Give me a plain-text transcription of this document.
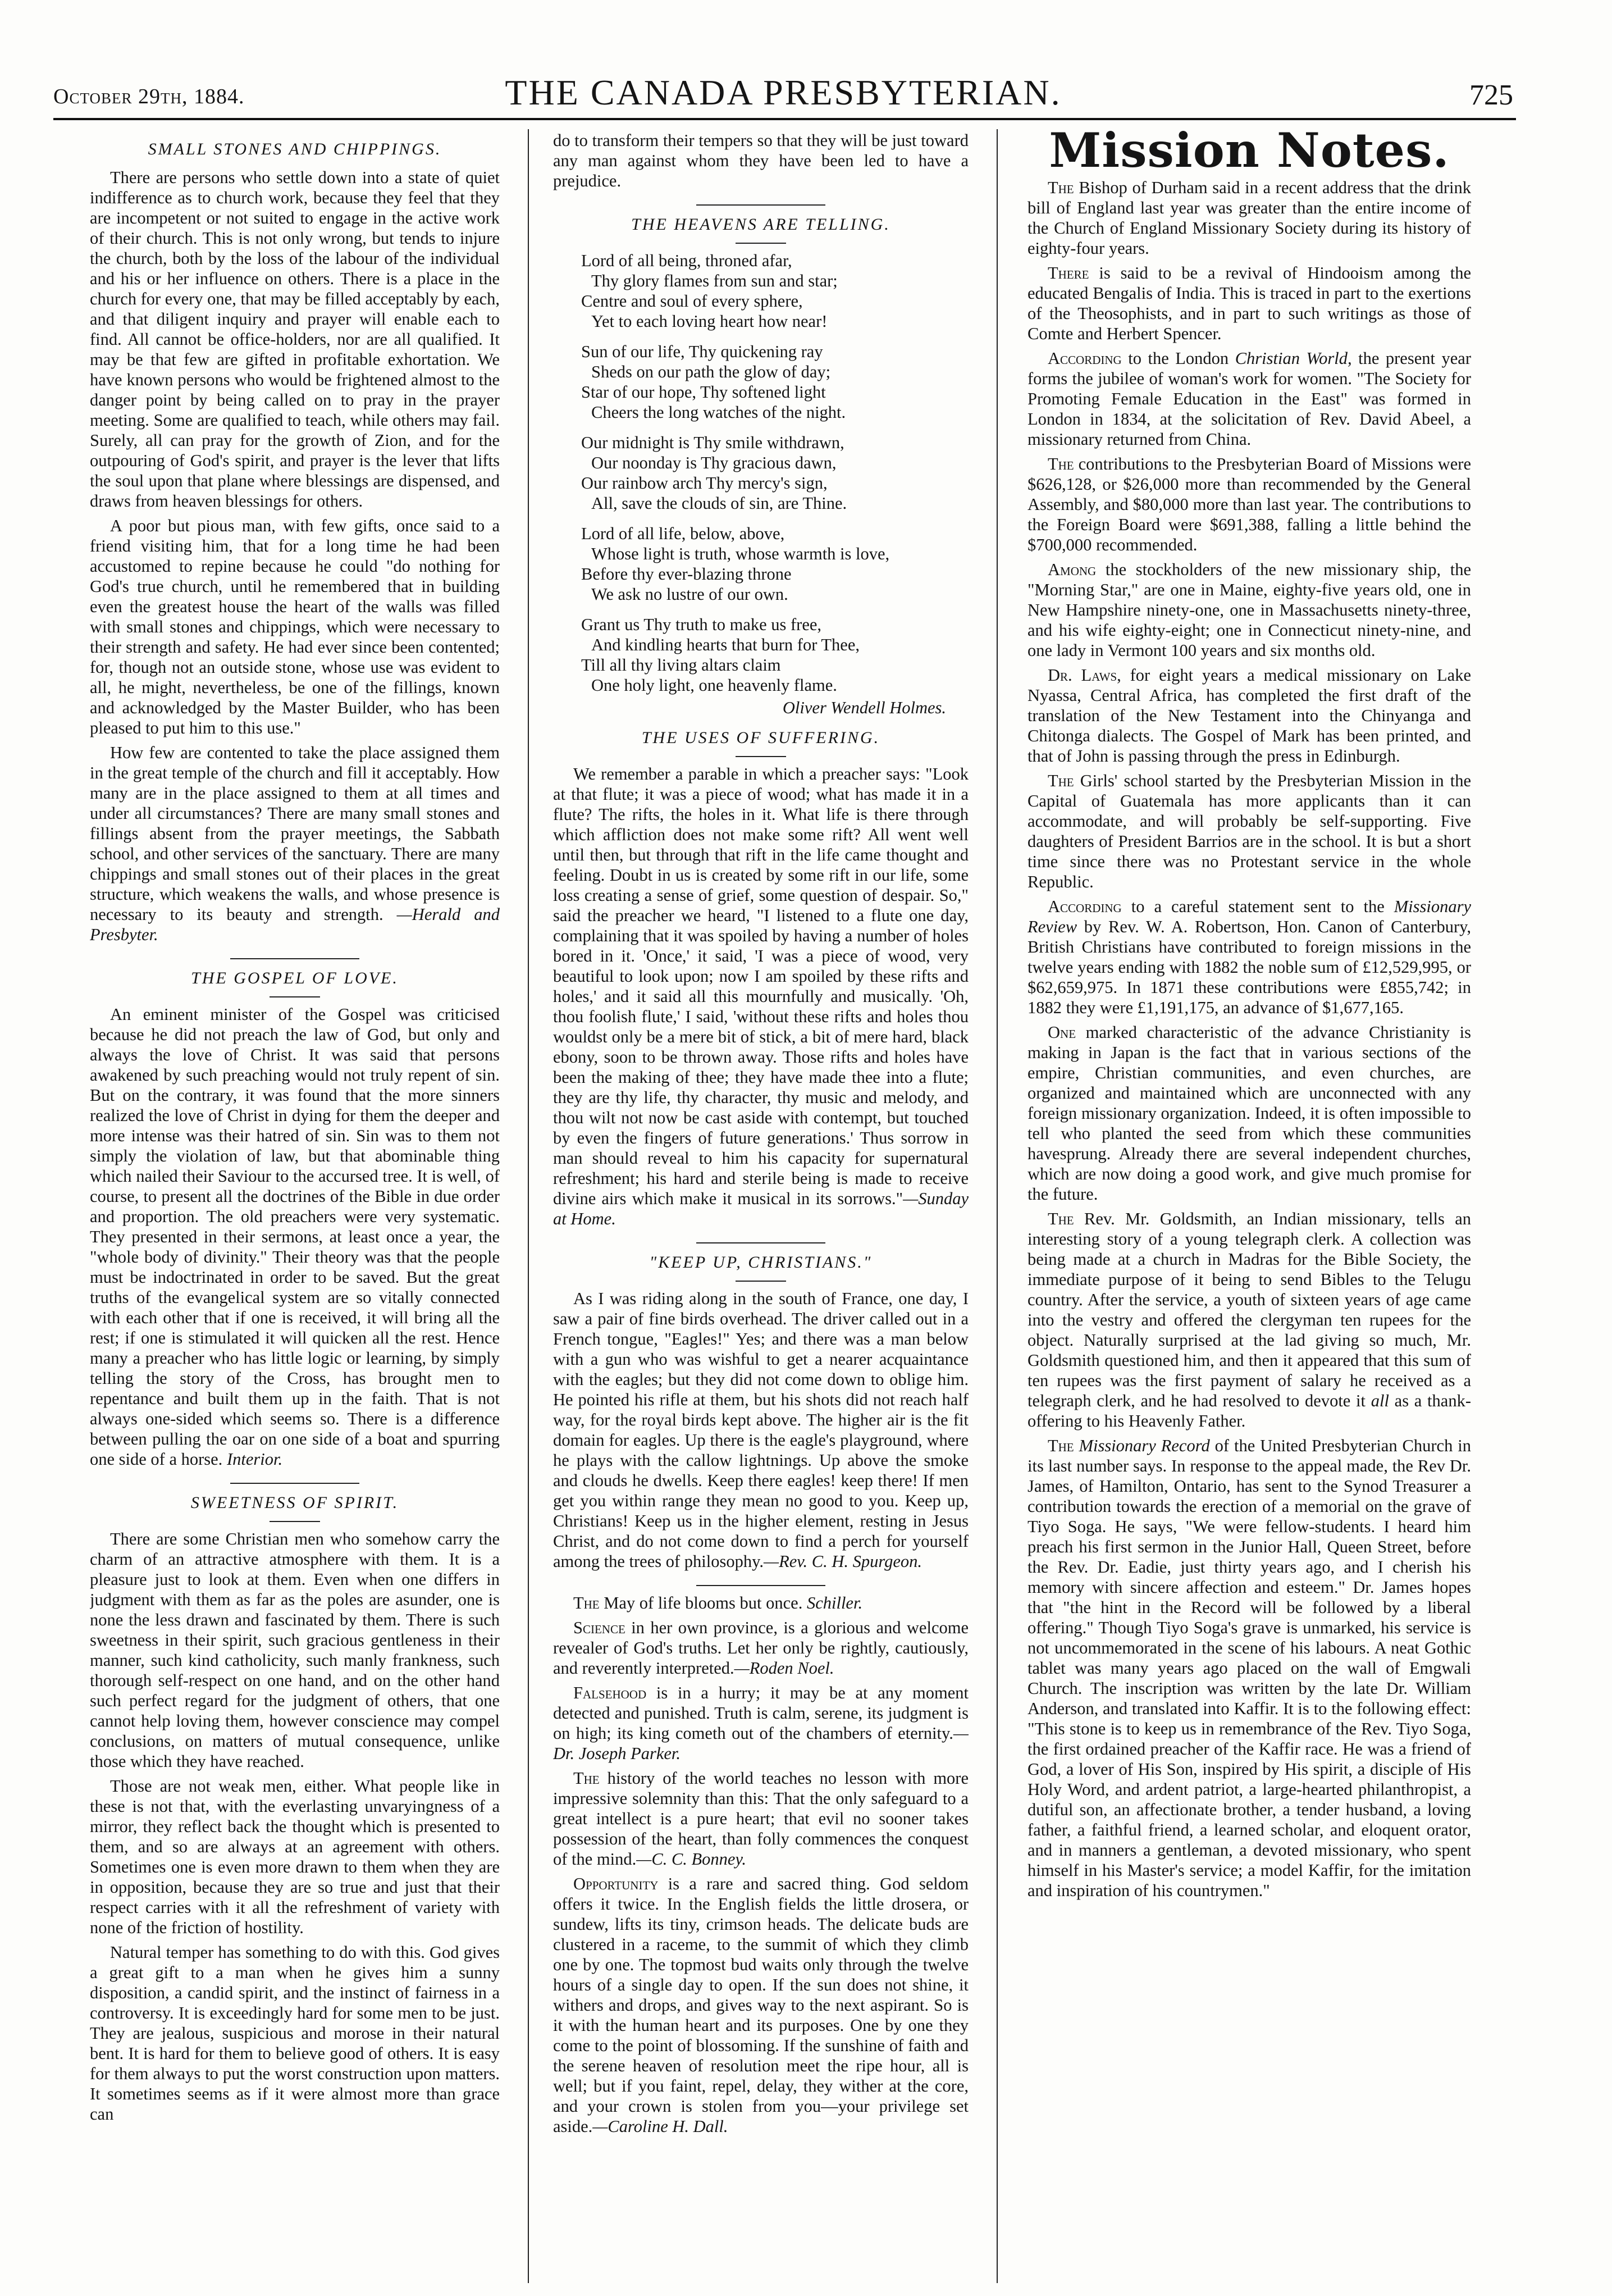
October 29th, 1884.	THE CANADA PRESBYTERIAN.	725
SMALL STONES AND CHIPPINGS.

There are persons who settle down into a state of quiet indifference as to church work, because they feel that they are incompetent or not suited to engage in the active work of their church. This is not only wrong, but tends to injure the church, both by the loss of the labour of the individual and his or her influence on others. There is a place in the church for every one, that may be filled acceptably by each, and that diligent inquiry and prayer will enable each to find. All cannot be office-holders, nor are all qualified. It may be that few are gifted in profitable exhortation. We have known persons who would be frightened almost to the danger point by being called on to pray in the prayer meeting. Some are qualified to teach, while others may fail. Surely, all can pray for the growth of Zion, and for the outpouring of God's spirit, and prayer is the lever that lifts the soul upon that plane where blessings are dispensed, and draws from heaven blessings for others.

A poor but pious man, with few gifts, once said to a friend visiting him, that for a long time he had been accustomed to repine because he could "do nothing for God's true church, until he remembered that in building even the greatest house the heart of the walls was filled with small stones and chippings, which were necessary to their strength and safety. He had ever since been contented; for, though not an outside stone, whose use was evident to all, he might, nevertheless, be one of the fillings, known and acknowledged by the Master Builder, who has been pleased to put him to this use."

How few are contented to take the place assigned them in the great temple of the church and fill it acceptably. How many are in the place assigned to them at all times and under all circumstances? There are many small stones and fillings absent from the prayer meetings, the Sabbath school, and other services of the sanctuary. There are many chippings and small stones out of their places in the great structure, which weakens the walls, and whose presence is necessary to its beauty and strength. —Herald and Presbyter.

THE GOSPEL OF LOVE.

An eminent minister of the Gospel was criticised because he did not preach the law of God, but only and always the love of Christ. It was said that persons awakened by such preaching would not truly repent of sin. But on the contrary, it was found that the more sinners realized the love of Christ in dying for them the deeper and more intense was their hatred of sin. Sin was to them not simply the violation of law, but that abominable thing which nailed their Saviour to the accursed tree. It is well, of course, to present all the doctrines of the Bible in due order and proportion. The old preachers were very systematic. They presented in their sermons, at least once a year, the "whole body of divinity." Their theory was that the people must be indoctrinated in order to be saved. But the great truths of the evangelical system are so vitally connected with each other that if one is received, it will bring all the rest; if one is stimulated it will quicken all the rest. Hence many a preacher who has little logic or learning, by simply telling the story of the Cross, has brought men to repentance and built them up in the faith. That is not always one-sided which seems so. There is a difference between pulling the oar on one side of a boat and spurring one side of a horse. Interior.

SWEETNESS OF SPIRIT.

There are some Christian men who somehow carry the charm of an attractive atmosphere with them. It is a pleasure just to look at them. Even when one differs in judgment with them as far as the poles are asunder, one is none the less drawn and fascinated by them. There is such sweetness in their spirit, such gracious gentleness in their manner, such kind catholicity, such manly frankness, such thorough self-respect on one hand, and on the other hand such perfect regard for the judgment of others, that one cannot help loving them, however conscience may compel conclusions, on matters of mutual consequence, unlike those which they have reached.

Those are not weak men, either. What people like in these is not that, with the everlasting unvaryingness of a mirror, they reflect back the thought which is presented to them, and so are always at an agreement with others. Sometimes one is even more drawn to them when they are in opposition, because they are so true and just that their respect carries with it all the refreshment of variety with none of the friction of hostility.

Natural temper has something to do with this. God gives a great gift to a man when he gives him a sunny disposition, a candid spirit, and the instinct of fairness in a controversy. It is exceedingly hard for some men to be just. They are jealous, suspicious and morose in their natural bent. It is hard for them to believe good of others. It is easy for them always to put the worst construction upon matters. It sometimes seems as if it were almost more than grace can

do to transform their tempers so that they will be just toward any man against whom they have been led to have a prejudice.

THE HEAVENS ARE TELLING.
Lord of all being, throned afar,
Thy glory flames from sun and star;
Centre and soul of every sphere,
Yet to each loving heart how near!
Sun of our life, Thy quickening ray
Sheds on our path the glow of day;
Star of our hope, Thy softened light
Cheers the long watches of the night.
Our midnight is Thy smile withdrawn,
Our noonday is Thy gracious dawn,
Our rainbow arch Thy mercy's sign,
All, save the clouds of sin, are Thine.
Lord of all life, below, above,
Whose light is truth, whose warmth is love,
Before thy ever-blazing throne
We ask no lustre of our own.
Grant us Thy truth to make us free,
And kindling hearts that burn for Thee,
Till all thy living altars claim
One holy light, one heavenly flame.
Oliver Wendell Holmes.
THE USES OF SUFFERING.

We remember a parable in which a preacher says: "Look at that flute; it was a piece of wood; what has made it in a flute? The rifts, the holes in it. What life is there through which affliction does not make some rift? All went well until then, but through that rift in the life came thought and feeling. Doubt in us is created by some rift in our life, some loss creating a sense of grief, some question of despair. So," said the preacher we heard, "I listened to a flute one day, complaining that it was spoiled by having a number of holes bored in it. 'Once,' it said, 'I was a piece of wood, very beautiful to look upon; now I am spoiled by these rifts and holes,' and it said all this mournfully and musically. 'Oh, thou foolish flute,' I said, 'without these rifts and holes thou wouldst only be a mere bit of stick, a bit of mere hard, black ebony, soon to be thrown away. Those rifts and holes have been the making of thee; they have made thee into a flute; they are thy life, thy character, thy music and melody, and thou wilt not now be cast aside with contempt, but touched by even the fingers of future generations.' Thus sorrow in man should reveal to him his capacity for supernatural refreshment; his hard and sterile being is made to receive divine airs which make it musical in its sorrows."—Sunday at Home.

"KEEP UP, CHRISTIANS."

As I was riding along in the south of France, one day, I saw a pair of fine birds overhead. The driver called out in a French tongue, "Eagles!" Yes; and there was a man below with a gun who was wishful to get a nearer acquaintance with the eagles; but they did not come down to oblige him. He pointed his rifle at them, but his shots did not reach half way, for the royal birds kept above. The higher air is the fit domain for eagles. Up there is the eagle's playground, where he plays with the callow lightnings. Up above the smoke and clouds he dwells. Keep there eagles! keep there! If men get you within range they mean no good to you. Keep up, Christians! Keep us in the higher element, resting in Jesus Christ, and do not come down to find a perch for yourself among the trees of philosophy.—Rev. C. H. Spurgeon.

The May of life blooms but once. Schiller.

Science in her own province, is a glorious and welcome revealer of God's truths. Let her only be rightly, cautiously, and reverently interpreted.—Roden Noel.

Falsehood is in a hurry; it may be at any moment detected and punished. Truth is calm, serene, its judgment is on high; its king cometh out of the chambers of eternity.—Dr. Joseph Parker.

The history of the world teaches no lesson with more impressive solemnity than this: That the only safeguard to a great intellect is a pure heart; that evil no sooner takes possession of the heart, than folly commences the conquest of the mind.—C. C. Bonney.

Opportunity is a rare and sacred thing. God seldom offers it twice. In the English fields the little drosera, or sundew, lifts its tiny, crimson heads. The delicate buds are clustered in a raceme, to the summit of which they climb one by one. The topmost bud waits only through the twelve hours of a single day to open. If the sun does not shine, it withers and drops, and gives way to the next aspirant. So is it with the human heart and its purposes. One by one they come to the point of blossoming. If the sunshine of faith and the serene heaven of resolution meet the ripe hour, all is well; but if you faint, repel, delay, they wither at the core, and your crown is stolen from you—your privilege set aside.—Caroline H. Dall.

Mission Notes.

The Bishop of Durham said in a recent address that the drink bill of England last year was greater than the entire income of the Church of England Missionary Society during its history of eighty-four years.

There is said to be a revival of Hindooism among the educated Bengalis of India. This is traced in part to the exertions of the Theosophists, and in part to such writings as those of Comte and Herbert Spencer.

According to the London Christian World, the present year forms the jubilee of woman's work for women. "The Society for Promoting Female Education in the East" was formed in London in 1834, at the solicitation of Rev. David Abeel, a missionary returned from China.

The contributions to the Presbyterian Board of Missions were $626,128, or $26,000 more than recommended by the General Assembly, and $80,000 more than last year. The contributions to the Foreign Board were $691,388, falling a little behind the $700,000 recommended.

Among the stockholders of the new missionary ship, the "Morning Star," are one in Maine, eighty-five years old, one in New Hampshire ninety-one, one in Massachusetts ninety-three, and his wife eighty-eight; one in Connecticut ninety-nine, and one lady in Vermont 100 years and six months old.

Dr. Laws, for eight years a medical missionary on Lake Nyassa, Central Africa, has completed the first draft of the translation of the New Testament into the Chinyanga and Chitonga dialects. The Gospel of Mark has been printed, and that of John is passing through the press in Edinburgh.

The Girls' school started by the Presbyterian Mission in the Capital of Guatemala has more applicants than it can accommodate, and will probably be self-supporting. Five daughters of President Barrios are in the school. It is but a short time since there was no Protestant service in the whole Republic.

According to a careful statement sent to the Missionary Review by Rev. W. A. Robertson, Hon. Canon of Canterbury, British Christians have contributed to foreign missions in the twelve years ending with 1882 the noble sum of £12,529,995, or $62,659,975. In 1871 these contributions were £855,742; in 1882 they were £1,191,175, an advance of $1,677,165.

One marked characteristic of the advance Christianity is making in Japan is the fact that in various sections of the empire, Christian communities, and even churches, are organized and maintained which are unconnected with any foreign missionary organization. Indeed, it is often impossible to tell who planted the seed from which these communities havesprung. Already there are several independent churches, which are now doing a good work, and give much promise for the future.

The Rev. Mr. Goldsmith, an Indian missionary, tells an interesting story of a young telegraph clerk. A collection was being made at a church in Madras for the Bible Society, the immediate purpose of it being to send Bibles to the Telugu country. After the service, a youth of sixteen years of age came into the vestry and offered the clergyman ten rupees for the object. Naturally surprised at the lad giving so much, Mr. Goldsmith questioned him, and then it appeared that this sum of ten rupees was the first payment of salary he received as a telegraph clerk, and he had resolved to devote it all as a thank-offering to his Heavenly Father.

The Missionary Record of the United Presbyterian Church in its last number says. In response to the appeal made, the Rev Dr. James, of Hamilton, Ontario, has sent to the Synod Treasurer a contribution towards the erection of a memorial on the grave of Tiyo Soga. He says, "We were fellow-students. I heard him preach his first sermon in the Junior Hall, Queen Street, before the Rev. Dr. Eadie, just thirty years ago, and I cherish his memory with sincere affection and esteem." Dr. James hopes that "the hint in the Record will be followed by a liberal offering." Though Tiyo Soga's grave is unmarked, his service is not uncommemorated in the scene of his labours. A neat Gothic tablet was many years ago placed on the wall of Emgwali Church. The inscription was written by the late Dr. William Anderson, and translated into Kaffir. It is to the following effect: "This stone is to keep us in remembrance of the Rev. Tiyo Soga, the first ordained preacher of the Kaffir race. He was a friend of God, a lover of His Son, inspired by His spirit, a disciple of His Holy Word, and ardent patriot, a large-hearted philanthropist, a dutiful son, an affectionate brother, a tender husband, a loving father, a faithful friend, a learned scholar, and eloquent orator, and in manners a gentleman, a devoted missionary, who spent himself in his Master's service; a model Kaffir, for the imitation and inspiration of his countrymen."
